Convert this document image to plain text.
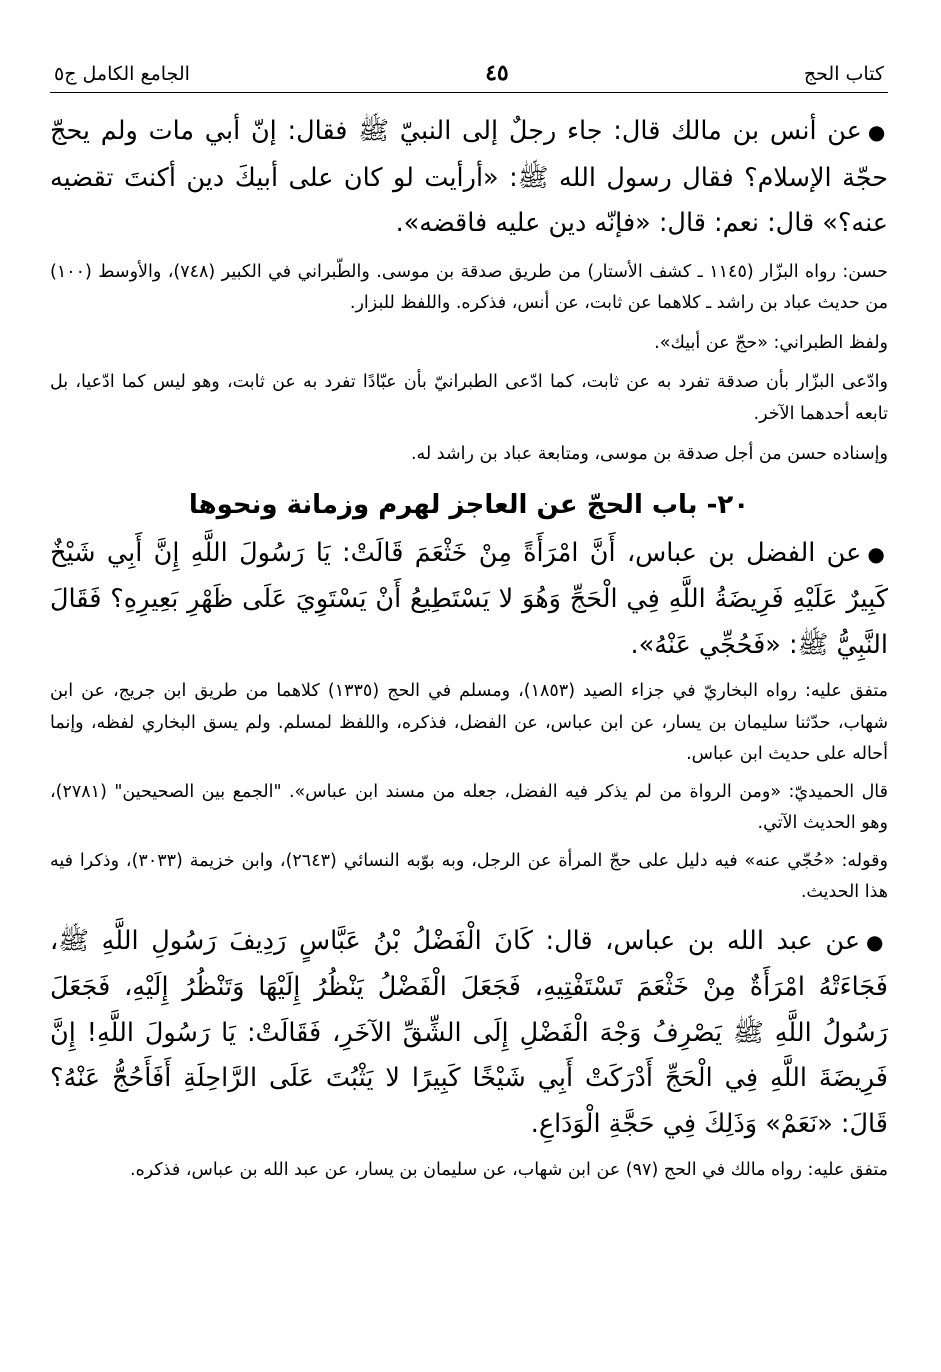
كتاب الحج
٤٥
الجامع الكامل ج٥

●عن أنس بن مالك قال: جاء رجلٌ إلى النبيّ ﷺ فقال: إنّ أبي مات ولم يحجّ حجّة الإسلام؟ فقال رسول الله ﷺ: «أرأيت لو كان على أبيكَ دين أكنتَ تقضيه عنه؟» قال: نعم: قال: «فإنّه دين عليه فاقضه».

حسن: رواه البزّار (١١٤٥ ـ كشف الأستار) من طريق صدقة بن موسى. والطّبراني في الكبير (٧٤٨)، والأوسط (١٠٠) من حديث عباد بن راشد ـ كلاهما عن ثابت، عن أنس، فذكره. واللفظ للبزار.

ولفظ الطبراني: «حجّ عن أبيك».

وادّعى البزّار بأن صدقة تفرد به عن ثابت، كما ادّعى الطبرانيّ بأن عبّادًا تفرد به عن ثابت، وهو ليس كما ادّعيا، بل تابعه أحدهما الآخر.

وإسناده حسن من أجل صدقة بن موسى، ومتابعة عباد بن راشد له.

٢٠- باب الحجّ عن العاجز لهرم وزمانة ونحوها

●عن الفضل بن عباس، أَنَّ امْرَأَةً مِنْ خَثْعَمَ قَالَتْ: يَا رَسُولَ اللَّهِ إِنَّ أَبِي شَيْخٌ كَبِيرٌ عَلَيْهِ فَرِيضَةُ اللَّهِ فِي الْحَجِّ وَهُوَ لا يَسْتَطِيعُ أَنْ يَسْتَوِيَ عَلَى ظَهْرِ بَعِيرِهِ؟ فَقَالَ النَّبِيُّ ﷺ: «فَحُجِّي عَنْهُ».

متفق عليه: رواه البخاريّ في جزاء الصيد (١٨٥٣)، ومسلم في الحج (١٣٣٥) كلاهما من طريق ابن جريج، عن ابن شهاب، حدّثنا سليمان بن يسار، عن ابن عباس، عن الفضل، فذكره، واللفظ لمسلم. ولم يسق البخاري لفظه، وإنما أحاله على حديث ابن عباس.

قال الحميديّ: «ومن الرواة من لم يذكر فيه الفضل، جعله من مسند ابن عباس». "الجمع بين الصحيحين" (٢٧٨١)، وهو الحديث الآتي.

وقوله: «حُجّي عنه» فيه دليل على حجّ المرأة عن الرجل، وبه بوّبه النسائي (٢٦٤٣)، وابن خزيمة (٣٠٣٣)، وذكرا فيه هذا الحديث.

●عن عبد الله بن عباس، قال: كَانَ الْفَضْلُ بْنُ عَبَّاسٍ رَدِيفَ رَسُولِ اللَّهِ ﷺ، فَجَاءَتْهُ امْرَأَةٌ مِنْ خَثْعَمَ تَسْتَفْتِيهِ، فَجَعَلَ الْفَضْلُ يَنْظُرُ إِلَيْهَا وَتَنْظُرُ إِلَيْهِ، فَجَعَلَ رَسُولُ اللَّهِ ﷺ يَصْرِفُ وَجْهَ الْفَضْلِ إِلَى الشِّقِّ الآخَرِ، فَقَالَتْ: يَا رَسُولَ اللَّهِ! إِنَّ فَرِيضَةَ اللَّهِ فِي الْحَجِّ أَدْرَكَتْ أَبِي شَيْخًا كَبِيرًا لا يَثْبُتَ عَلَى الرَّاحِلَةِ أَفَأَحُجُّ عَنْهُ؟ قَالَ: «نَعَمْ» وَذَلِكَ فِي حَجَّةِ الْوَدَاعِ.

متفق عليه: رواه مالك في الحج (٩٧) عن ابن شهاب، عن سليمان بن يسار، عن عبد الله بن عباس، فذكره.
